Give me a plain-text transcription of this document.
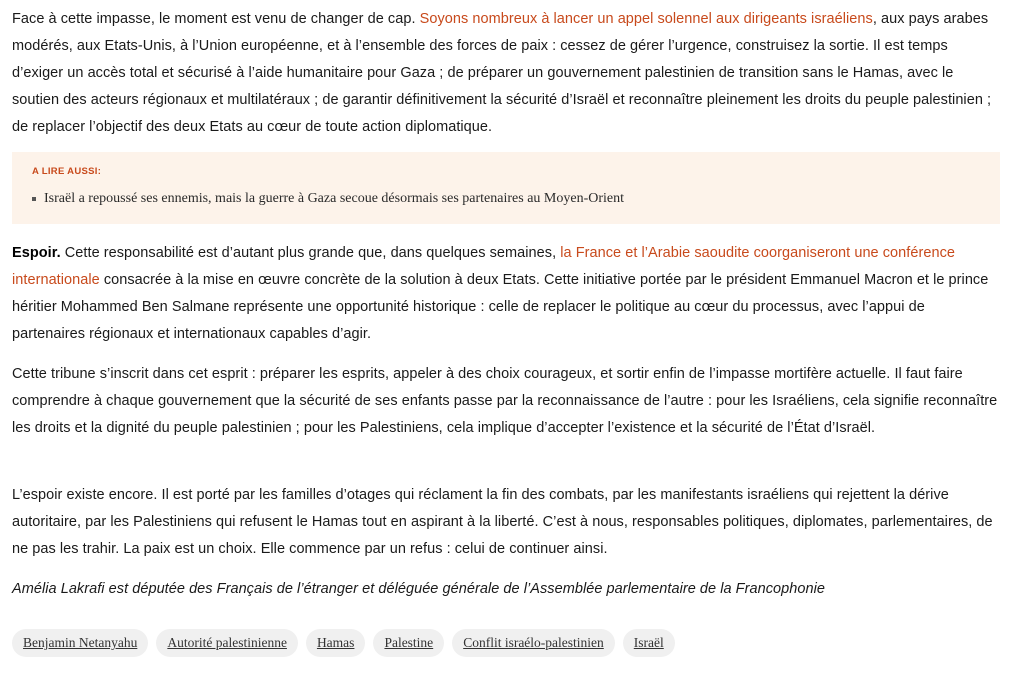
Face à cette impasse, le moment est venu de changer de cap. Soyons nombreux à lancer un appel solennel aux dirigeants israéliens, aux pays arabes modérés, aux Etats-Unis, à l’Union européenne, et à l’ensemble des forces de paix : cessez de gérer l’urgence, construisez la sortie. Il est temps d’exiger un accès total et sécurisé à l’aide humanitaire pour Gaza ; de préparer un gouvernement palestinien de transition sans le Hamas, avec le soutien des acteurs régionaux et multilatéraux ; de garantir définitivement la sécurité d’Israël et reconnaître pleinement les droits du peuple palestinien ; de replacer l’objectif des deux Etats au cœur de toute action diplomatique.

A LIRE AUSSI:

Israël a repoussé ses ennemis, mais la guerre à Gaza secoue désormais ses partenaires au Moyen-Orient

Espoir. Cette responsabilité est d’autant plus grande que, dans quelques semaines, la France et l’Arabie saoudite coorganiseront une conférence internationale consacrée à la mise en œuvre concrète de la solution à deux Etats. Cette initiative portée par le président Emmanuel Macron et le prince héritier Mohammed Ben Salmane représente une opportunité historique : celle de replacer le politique au cœur du processus, avec l’appui de partenaires régionaux et internationaux capables d’agir.

Cette tribune s’inscrit dans cet esprit : préparer les esprits, appeler à des choix courageux, et sortir enfin de l’impasse mortifère actuelle. Il faut faire comprendre à chaque gouvernement que la sécurité de ses enfants passe par la reconnaissance de l’autre : pour les Israéliens, cela signifie reconnaître les droits et la dignité du peuple palestinien ; pour les Palestiniens, cela implique d’accepter l’existence et la sécurité de l’État d’Israël.

L’espoir existe encore. Il est porté par les familles d’otages qui réclament la fin des combats, par les manifestants israéliens qui rejettent la dérive autoritaire, par les Palestiniens qui refusent le Hamas tout en aspirant à la liberté. C’est à nous, responsables politiques, diplomates, parlementaires, de ne pas les trahir. La paix est un choix. Elle commence par un refus : celui de continuer ainsi.

Amélia Lakrafi est députée des Français de l’étranger et déléguée générale de l’Assemblée parlementaire de la Francophonie

Benjamin Netanyahu	Autorité palestinienne	Hamas	Palestine	Conflit israélo-palestinien	Israël
